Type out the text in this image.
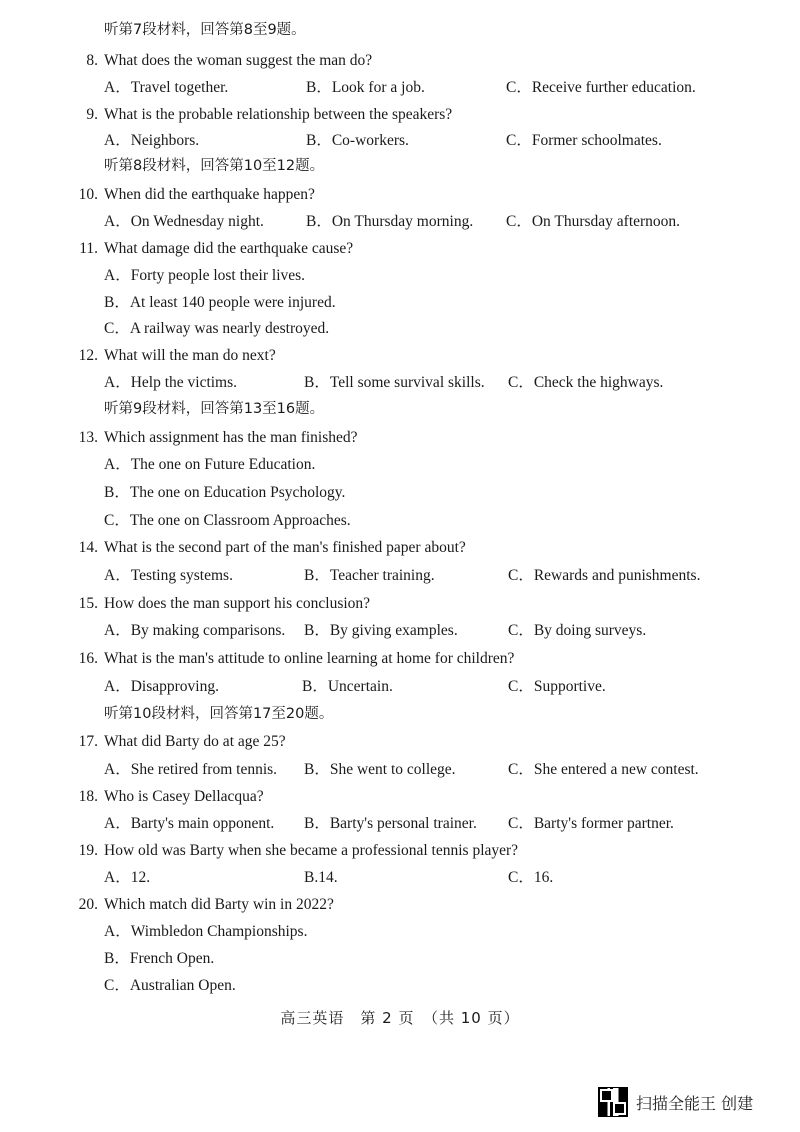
听第7段材料，回答第8至9题。
8. What does the woman suggest the man do?
A．Travel together.	B．Look for a job.	C．Receive further education.
9. What is the probable relationship between the speakers?
A．Neighbors.	B．Co-workers.	C．Former schoolmates.
听第8段材料，回答第10至12题。
10. When did the earthquake happen?
A．On Wednesday night.	B．On Thursday morning. C．On Thursday afternoon.
11. What damage did the earthquake cause?
A．Forty people lost their lives.
B．At least 140 people were injured.
C．A railway was nearly destroyed.
12. What will the man do next?
A．Help the victims.	B．Tell some survival skills. C．Check the highways.
听第9段材料，回答第13至16题。
13. Which assignment has the man finished?
A．The one on Future Education.
B．The one on Education Psychology.
C．The one on Classroom Approaches.
14. What is the second part of the man's finished paper about?
A．Testing systems.	B．Teacher training.	C．Rewards and punishments.
15. How does the man support his conclusion?
A．By making comparisons. B．By giving examples.	C．By doing surveys.
16. What is the man's attitude to online learning at home for children?
A．Disapproving.	B．Uncertain.	C．Supportive.
听第10段材料，回答第17至20题。
17. What did Barty do at age 25?
A．She retired from tennis. B．She went to college.	C．She entered a new contest.
18. Who is Casey Dellacqua?
A．Barty's main opponent. B．Barty's personal trainer. C．Barty's former partner.
19. How old was Barty when she became a professional tennis player?
A．12.	B.14.	C．16.
20. Which match did Barty win in 2022?
A．Wimbledon Championships.
B．French Open.
C．Australian Open.
高三英语　第 2 页　（共 10 页）
扫描全能王 创建
